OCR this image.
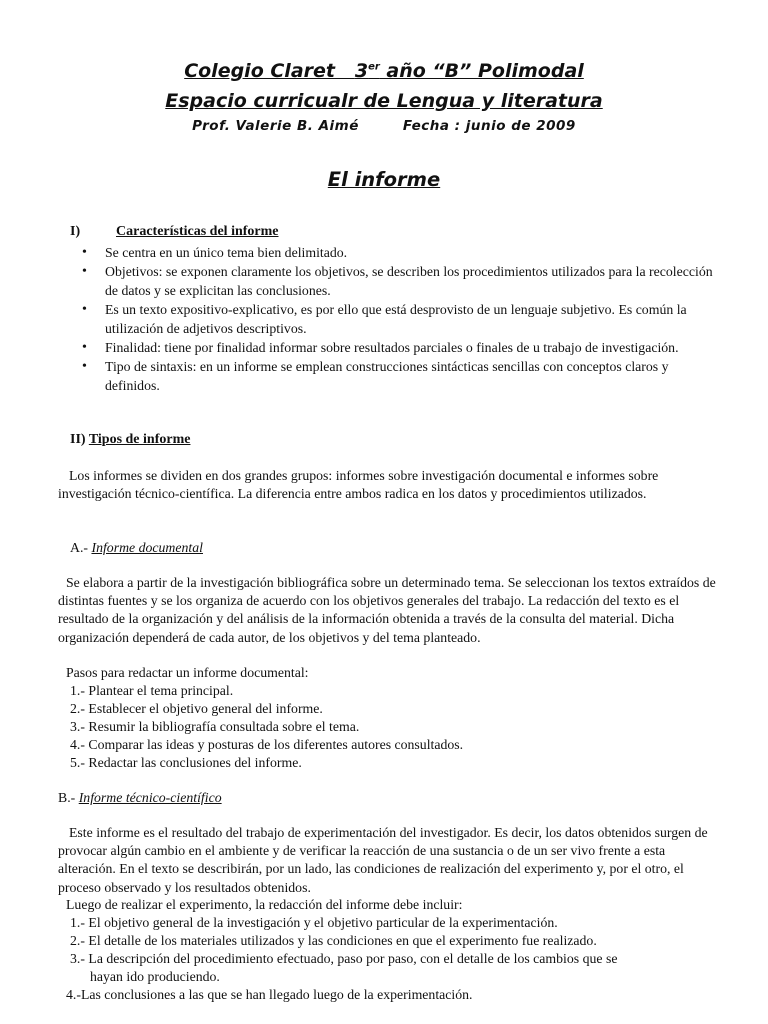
Colegio Claret 3er año “B” Polimodal
Espacio curricualr de Lengua y literatura
Prof. Valerie B. Aimé	Fecha : junio de 2009
El informe
I)	Características del informe
• Se centra en un único tema bien delimitado.
• Objetivos: se exponen claramente los objetivos, se describen los procedimientos utilizados para la recolección de datos y se explicitan las conclusiones.
• Es un texto expositivo-explicativo, es por ello que está desprovisto de un lenguaje subjetivo. Es común la utilización de adjetivos descriptivos.
• Finalidad: tiene por finalidad informar sobre resultados parciales o finales de u trabajo de investigación.
• Tipo de sintaxis: en un informe se emplean construcciones sintácticas sencillas con conceptos claros y definidos.
II) Tipos de informe

Los informes se dividen en dos grandes grupos: informes sobre investigación documental e informes sobre investigación técnico-científica. La diferencia entre ambos radica en los datos y procedimientos utilizados.

A.- Informe documental

Se elabora a partir de la investigación bibliográfica sobre un determinado tema. Se seleccionan los textos extraídos de distintas fuentes y se los organiza de acuerdo con los objetivos generales del trabajo. La redacción del texto es el resultado de la organización y del análisis de la información obtenida a través de la consulta del material. Dicha organización dependerá de cada autor, de los objetivos y del tema planteado.

Pasos para redactar un informe documental:
1.- Plantear el tema principal.
2.- Establecer el objetivo general del informe.
3.- Resumir la bibliografía consultada sobre el tema.
4.- Comparar las ideas y posturas de los diferentes autores consultados.
5.- Redactar las conclusiones del informe.
B.- Informe técnico-científico

Este informe es el resultado del trabajo de experimentación del investigador. Es decir, los datos obtenidos surgen de provocar algún cambio en el ambiente y de verificar la reacción de una sustancia o de un ser vivo frente a esta alteración. En el texto se describirán, por un lado, las condiciones de realización del experimento y, por el otro, el proceso observado y los resultados obtenidos.

Luego de realizar el experimento, la redacción del informe debe incluir:
1.- El objetivo general de la investigación y el objetivo particular de la experimentación.
2.- El detalle de los materiales utilizados y las condiciones en que el experimento fue realizado.
3.- La descripción del procedimiento efectuado, paso por paso, con el detalle de los cambios que se
hayan ido produciendo.
4.-Las conclusiones a las que se han llegado luego de la experimentación.
